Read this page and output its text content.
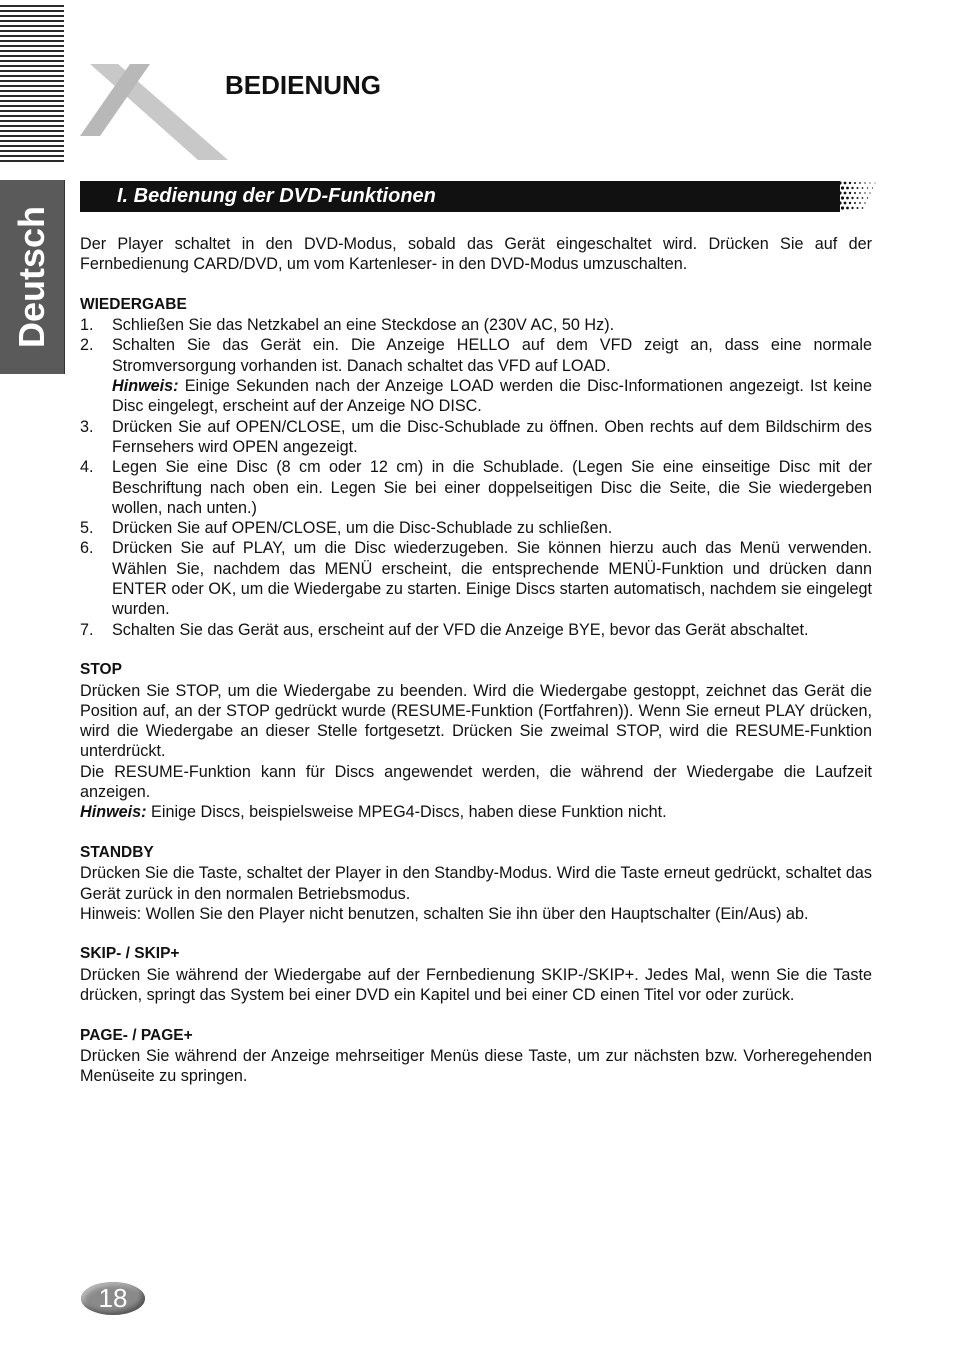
Deutsch
BEDIENUNG
I. Bedienung der DVD-Funktionen

Der Player schaltet in den DVD-Modus, sobald das Gerät eingeschaltet wird. Drücken Sie auf der Fernbedienung CARD/DVD, um vom Kartenleser- in den DVD-Modus umzuschalten.

WIEDERGABE

1. Schließen Sie das Netzkabel an eine Steckdose an (230V AC, 50 Hz).
2. Schalten Sie das Gerät ein. Die Anzeige HELLO auf dem VFD zeigt an, dass eine normale Stromversorgung vorhanden ist. Danach schaltet das VFD auf LOAD.
Hinweis: Einige Sekunden nach der Anzeige LOAD werden die Disc-Informationen angezeigt. Ist keine Disc eingelegt, erscheint auf der Anzeige NO DISC.
3. Drücken Sie auf OPEN/CLOSE, um die Disc-Schublade zu öffnen. Oben rechts auf dem Bildschirm des Fernsehers wird OPEN angezeigt.
4. Legen Sie eine Disc (8 cm oder 12 cm) in die Schublade. (Legen Sie eine einseitige Disc mit der Beschriftung nach oben ein. Legen Sie bei einer doppelseitigen Disc die Seite, die Sie wiedergeben wollen, nach unten.)
5. Drücken Sie auf OPEN/CLOSE, um die Disc-Schublade zu schließen.
6. Drücken Sie auf PLAY, um die Disc wiederzugeben. Sie können hierzu auch das Menü verwenden. Wählen Sie, nachdem das MENÜ erscheint, die entsprechende MENÜ-Funktion und drücken dann ENTER oder OK, um die Wiedergabe zu starten. Einige Discs starten automatisch, nachdem sie eingelegt wurden.
7. Schalten Sie das Gerät aus, erscheint auf der VFD die Anzeige BYE, bevor das Gerät abschaltet.

STOP

Drücken Sie STOP, um die Wiedergabe zu beenden. Wird die Wiedergabe gestoppt, zeichnet das Gerät die Position auf, an der STOP gedrückt wurde (RESUME-Funktion (Fortfahren)). Wenn Sie erneut PLAY drücken, wird die Wiedergabe an dieser Stelle fortgesetzt. Drücken Sie zweimal STOP, wird die RESUME-Funktion unterdrückt.

Die RESUME-Funktion kann für Discs angewendet werden, die während der Wiedergabe die Laufzeit anzeigen.

Hinweis: Einige Discs, beispielsweise MPEG4-Discs, haben diese Funktion nicht.

STANDBY

Drücken Sie die Taste, schaltet der Player in den Standby-Modus. Wird die Taste erneut gedrückt, schaltet das Gerät zurück in den normalen Betriebsmodus.

Hinweis: Wollen Sie den Player nicht benutzen, schalten Sie ihn über den Hauptschalter (Ein/Aus) ab.

SKIP- / SKIP+

Drücken Sie während der Wiedergabe auf der Fernbedienung SKIP-/SKIP+. Jedes Mal, wenn Sie die Taste drücken, springt das System bei einer DVD ein Kapitel und bei einer CD einen Titel vor oder zurück.

PAGE- / PAGE+

Drücken Sie während der Anzeige mehrseitiger Menüs diese Taste, um zur nächsten bzw. Vorheregehenden Menüseite zu springen.

18
